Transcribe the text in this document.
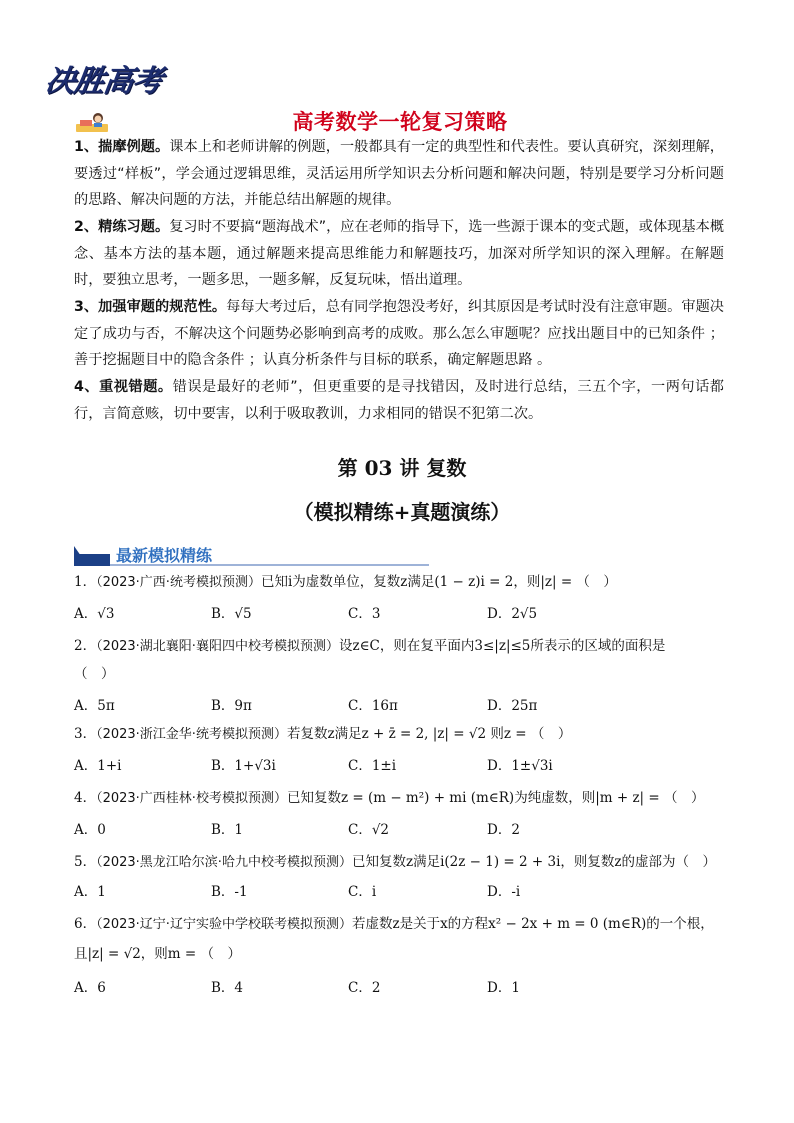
决胜高考
高考数学一轮复习策略
1、揣摩例题。课本上和老师讲解的例题，一般都具有一定的典型性和代表性。要认真研究，深刻理解，要透过“样板”，学会通过逻辑思维，灵活运用所学知识去分析问题和解决问题，特别是要学习分析问题的思路、解决问题的方法，并能总结出解题的规律。
2、精练习题。复习时不要搞“题海战术”，应在老师的指导下，选一些源于课本的变式题，或体现基本概念、基本方法的基本题，通过解题来提高思维能力和解题技巧，加深对所学知识的深入理解。在解题时，要独立思考，一题多思，一题多解，反复玩味，悟出道理。
3、加强审题的规范性。每每大考过后，总有同学抱怨没考好，纠其原因是考试时没有注意审题。审题决定了成功与否，不解决这个问题势必影响到高考的成败。那么怎么审题呢？应找出题目中的已知条件 ；善于挖掘题目中的隐含条件 ；认真分析条件与目标的联系，确定解题思路 。
4、重视错题。错误是最好的老师”，但更重要的是寻找错因，及时进行总结，三五个字，一两句话都行，言简意赅，切中要害，以利于吸取教训，力求相同的错误不犯第二次。
第 03 讲 复数
（模拟精练+真题演练）
最新模拟精练
1．（2023·广西·统考模拟预测）已知i为虚数单位，复数z满足(1 − z)i = 2，则|z| = （　）
A．√3	B．√5	C．3	D．2√5
2．（2023·湖北襄阳·襄阳四中校考模拟预测）设z∈C，则在复平面内3≤|z|≤5所表示的区域的面积是
（　）
A．5π	B．9π	C．16π	D．25π
3．（2023·浙江金华·统考模拟预测）若复数z满足z + z̄ = 2, |z| = √2 则z = （　）
A．1+i	B．1+√3i	C．1±i	D．1±√3i
4．（2023·广西桂林·校考模拟预测）已知复数z = (m − m²) + mi (m∈R)为纯虚数，则|m + z| = （　）
A．0	B．1	C．√2	D．2
5．（2023·黑龙江哈尔滨·哈九中校考模拟预测）已知复数z满足i(2z − 1) = 2 + 3i，则复数z的虚部为（　）
A．1	B．-1	C．i	D．-i
6．（2023·辽宁·辽宁实验中学校联考模拟预测）若虚数z是关于x的方程x² − 2x + m = 0 (m∈R)的一个根，
且|z| = √2，则m = （　）
A．6	B．4	C．2	D．1
